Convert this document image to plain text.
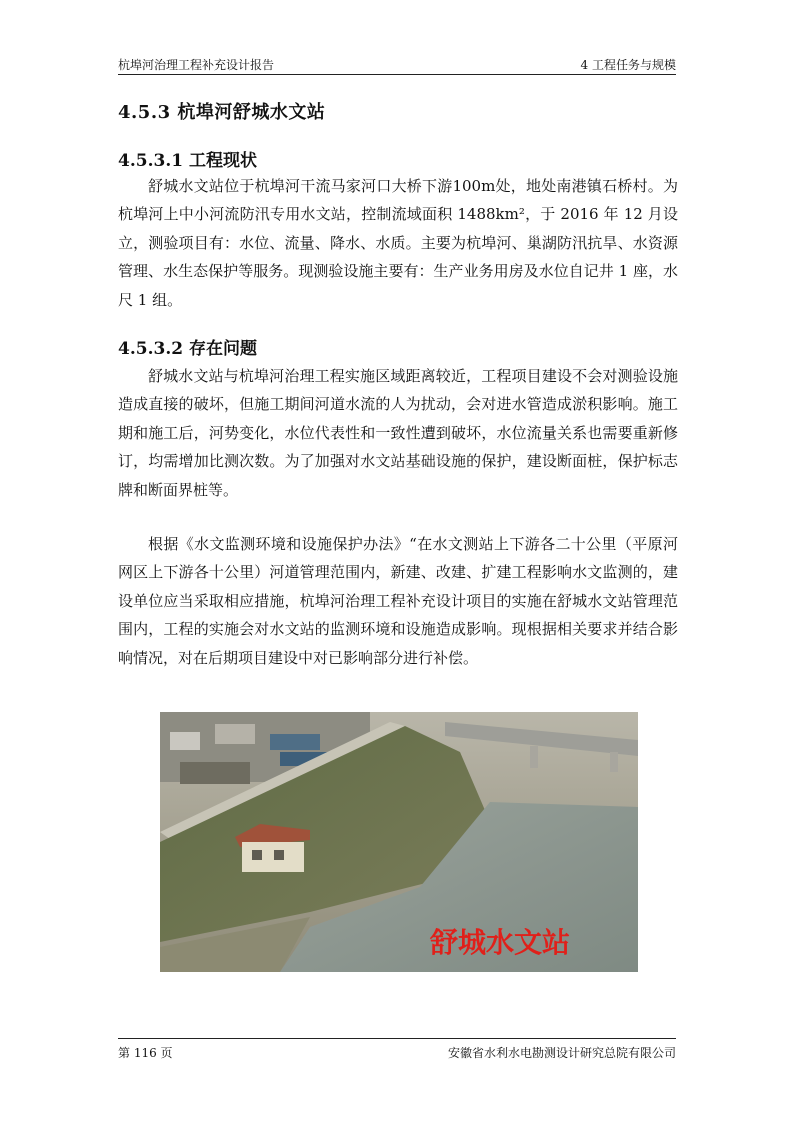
杭埠河治理工程补充设计报告	4 工程任务与规模
4.5.3 杭埠河舒城水文站
4.5.3.1 工程现状

舒城水文站位于杭埠河干流马家河口大桥下游100m处，地处南港镇石桥村。为杭埠河上中小河流防汛专用水文站，控制流域面积 1488km²，于 2016 年 12 月设立，测验项目有：水位、流量、降水、水质。主要为杭埠河、巢湖防汛抗旱、水资源管理、水生态保护等服务。现测验设施主要有：生产业务用房及水位自记井 1 座，水尺 1 组。

4.5.3.2 存在问题

舒城水文站与杭埠河治理工程实施区域距离较近，工程项目建设不会对测验设施造成直接的破坏，但施工期间河道水流的人为扰动，会对进水管造成淤积影响。施工期和施工后，河势变化，水位代表性和一致性遭到破坏，水位流量关系也需要重新修订，均需增加比测次数。为了加强对水文站基础设施的保护，建设断面桩，保护标志牌和断面界桩等。

根据《水文监测环境和设施保护办法》“在水文测站上下游各二十公里（平原河网区上下游各十公里）河道管理范围内，新建、改建、扩建工程影响水文监测的，建设单位应当采取相应措施，杭埠河治理工程补充设计项目的实施在舒城水文站管理范围内，工程的实施会对水文站的监测环境和设施造成影响。现根据相关要求并结合影响情况，对在后期项目建设中对已影响部分进行补偿。

舒城水文站
第 116 页	安徽省水利水电勘测设计研究总院有限公司
